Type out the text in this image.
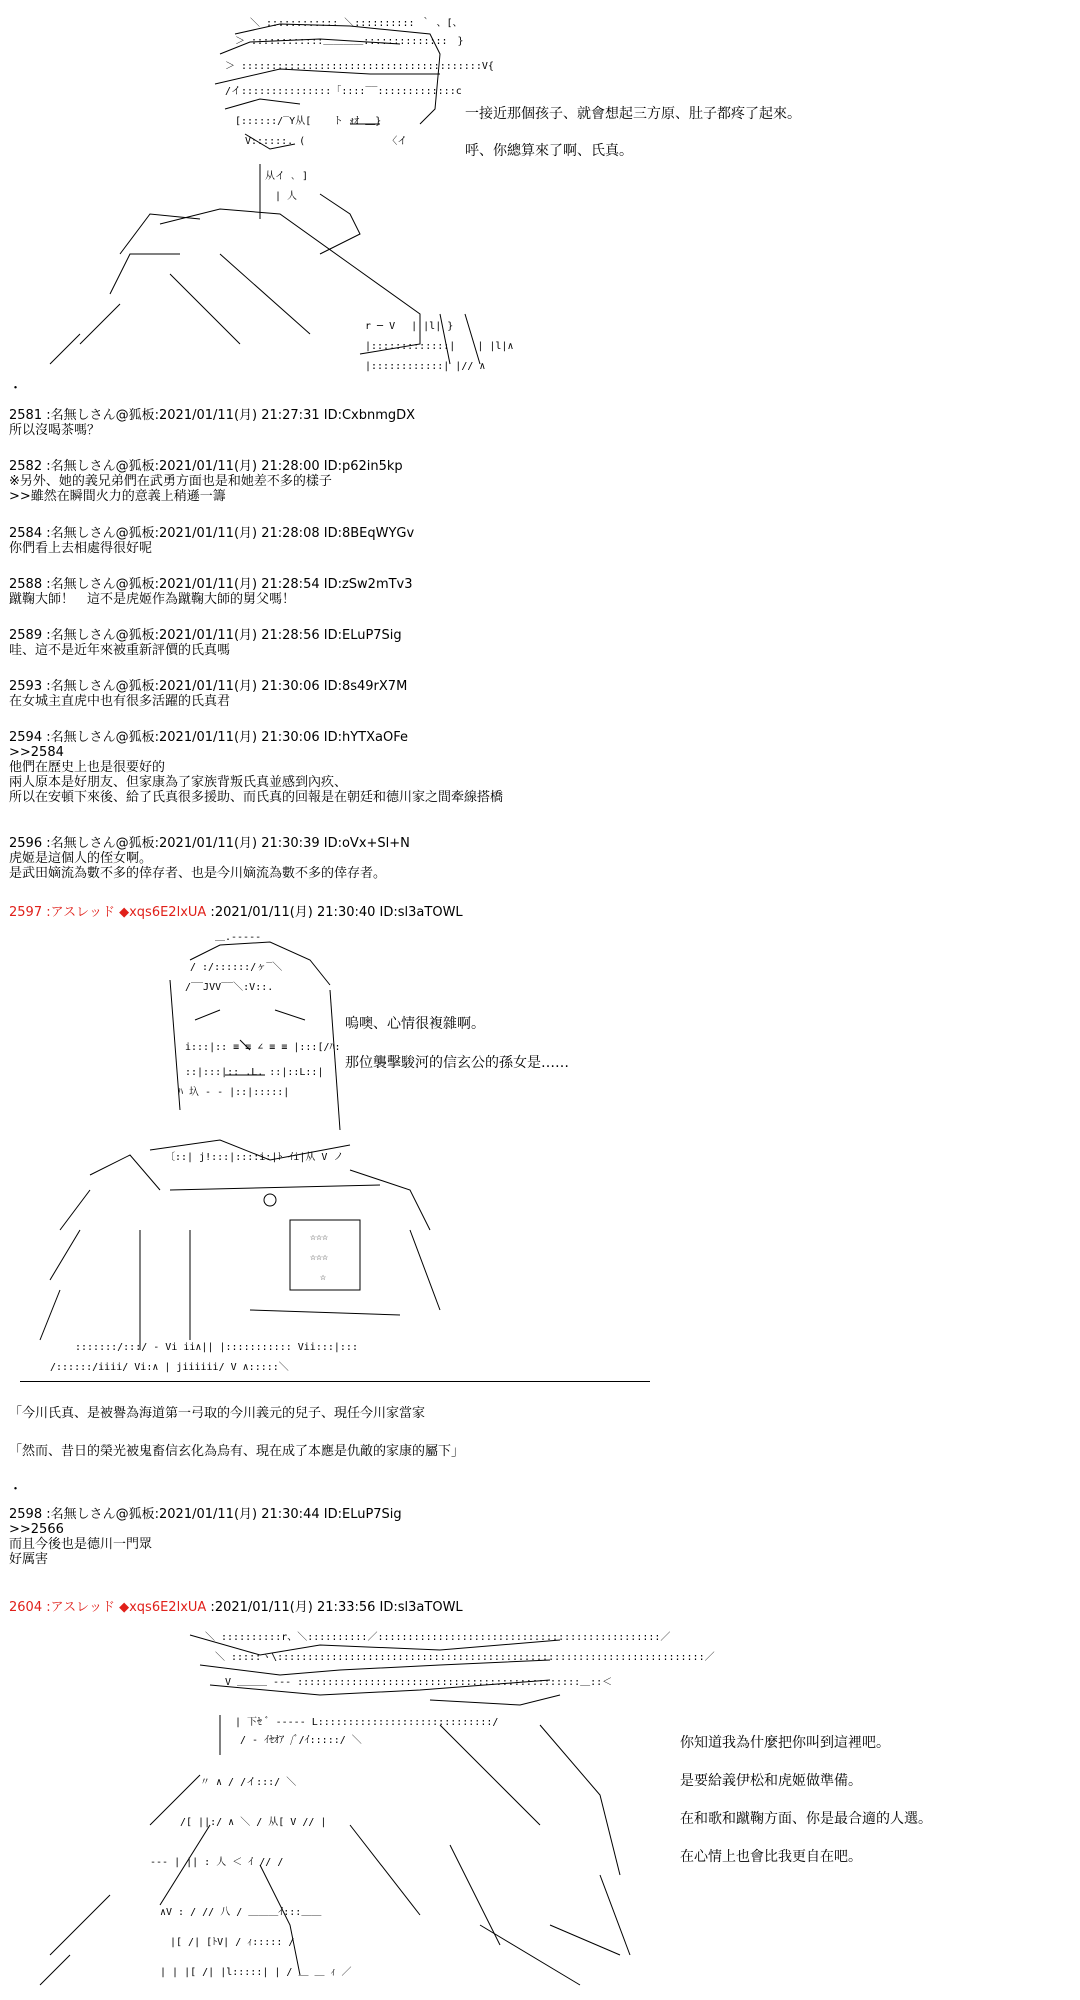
＼ :::::::::::: ＼:::::::::: ｀ 、[、
＞ ::::::::::::＿＿＿＿::::::::::::::　}
＞ ::::::::::::::::::::::::::::::::::::::::V{
/イ:::::::::::::::「::::‾‾:::::::::::::c
[::::::/‾Y从[ 　 ト ｫｵ ＿}
V::::::. ( 　　　　　　　 〈イ
从イ ､ ]
| 人
r ─ V 　| |l| }
|:::::::::::::| 　 | |l|∧
|::::::::::::| |// ∧
一接近那個孩子、就會想起三方原、肚子都疼了起來。
呼、你總算來了啊、氏真。
・
2581 :名無しさん@狐板:2021/01/11(月) 21:27:31 ID:CxbnmgDX
所以沒喝茶嗎？
2582 :名無しさん@狐板:2021/01/11(月) 21:28:00 ID:p62in5kp
※另外、她的義兄弟們在武勇方面也是和她差不多的樣子
>>雖然在瞬間火力的意義上稍遜一籌
2584 :名無しさん@狐板:2021/01/11(月) 21:28:08 ID:8BEqWYGv
你們看上去相處得很好呢
2588 :名無しさん@狐板:2021/01/11(月) 21:28:54 ID:zSw2mTv3
蹴鞠大師！　這不是虎姬作為蹴鞠大師的舅父嗎！
2589 :名無しさん@狐板:2021/01/11(月) 21:28:56 ID:ELuP7Sig
哇、這不是近年來被重新評價的氏真嗎
2593 :名無しさん@狐板:2021/01/11(月) 21:30:06 ID:8s49rX7M
在女城主直虎中也有很多活躍的氏真君
2594 :名無しさん@狐板:2021/01/11(月) 21:30:06 ID:hYTXaOFe
>>2584
他們在歷史上也是很要好的
兩人原本是好朋友、但家康為了家族背叛氏真並感到內疚、
所以在安頓下來後、給了氏真很多援助、而氏真的回報是在朝廷和德川家之間牽線搭橋
2596 :名無しさん@狐板:2021/01/11(月) 21:30:39 ID:oVx+Sl+N
虎姬是這個人的侄女啊。
是武田嫡流為數不多的倖存者、也是今川嫡流為數不多的倖存者。
2597 :アスレッド ◆xqs6E2lxUA :2021/01/11(月) 21:30:40 ID:sl3aTOWL
＿.-‐‐‐-
/ :/::::::/ヶ‾＼
/‾‾JVV‾‾＼:V::.
i:::|:: ≡ ≡ ∠ ≡ ≡ |:::[/ﾊ:
::|:::|:: .L. ::|::L::|
ﾊ 圦 ‐ ‐ |::|:::::|
〔::| j!:::|::::i:|ﾄ ｲi|从 V ノ
☆☆☆
☆☆☆
☆
:::::::/:::/ ‐ Vi ii∧|| |::::::::::: Vii:::|:::
/::::::/iiii/ Vi:∧ | jiiiiii/ V ∧:::::＼
嗚噢、心情很複雜啊。
那位襲擊駿河的信玄公的孫女是……
「今川氏真、是被譽為海道第一弓取的今川義元的兒子、現任今川家當家
「然而、昔日的榮光被鬼畜信玄化為烏有、現在成了本應是仇敵的家康的屬下」
・
2598 :名無しさん@狐板:2021/01/11(月) 21:30:44 ID:ELuP7Sig
>>2566
而且今後也是德川一門眾
好厲害
2604 :アスレッド ◆xqs6E2lxUA :2021/01/11(月) 21:33:56 ID:sl3aTOWL
＼ ::::::::::r、＼::::::::::／:::::::::::::::::::::::::::::::::::::::::::::::／
＼ :::::ヽ\:::::::::::::::::::::::::::::::::::::::::::::::::::::::::::::::::::::::／
V ＿＿＿ ‐‐‐ :::::::::::::::::::::::::::::::::::::::::::::::＿::＜
| 下ｾ ﾞ ‐‐‐‐‐ L:::::::::::::::::::::::::::::/
/ ‐ ｲｾｵｱ /ﾞ/ｲ:::::/ ＼
〃 ∧ / /イ:::/ ＼
/[ ||:/ ∧ ＼ / 从[ V // |
‐‐‐ | || : 人 ＜ ｲ // /
∧V : / // 八 / ＿＿＿ｲ:::＿＿
|[ /| [ﾄV| / ｨ::::: /
| | |[ /| |l:::::| | / ＿ ＿ ｨ ／
你知道我為什麼把你叫到這裡吧。
是要給義伊松和虎姬做準備。
在和歌和蹴鞠方面、你是最合適的人選。
在心情上也會比我更自在吧。
